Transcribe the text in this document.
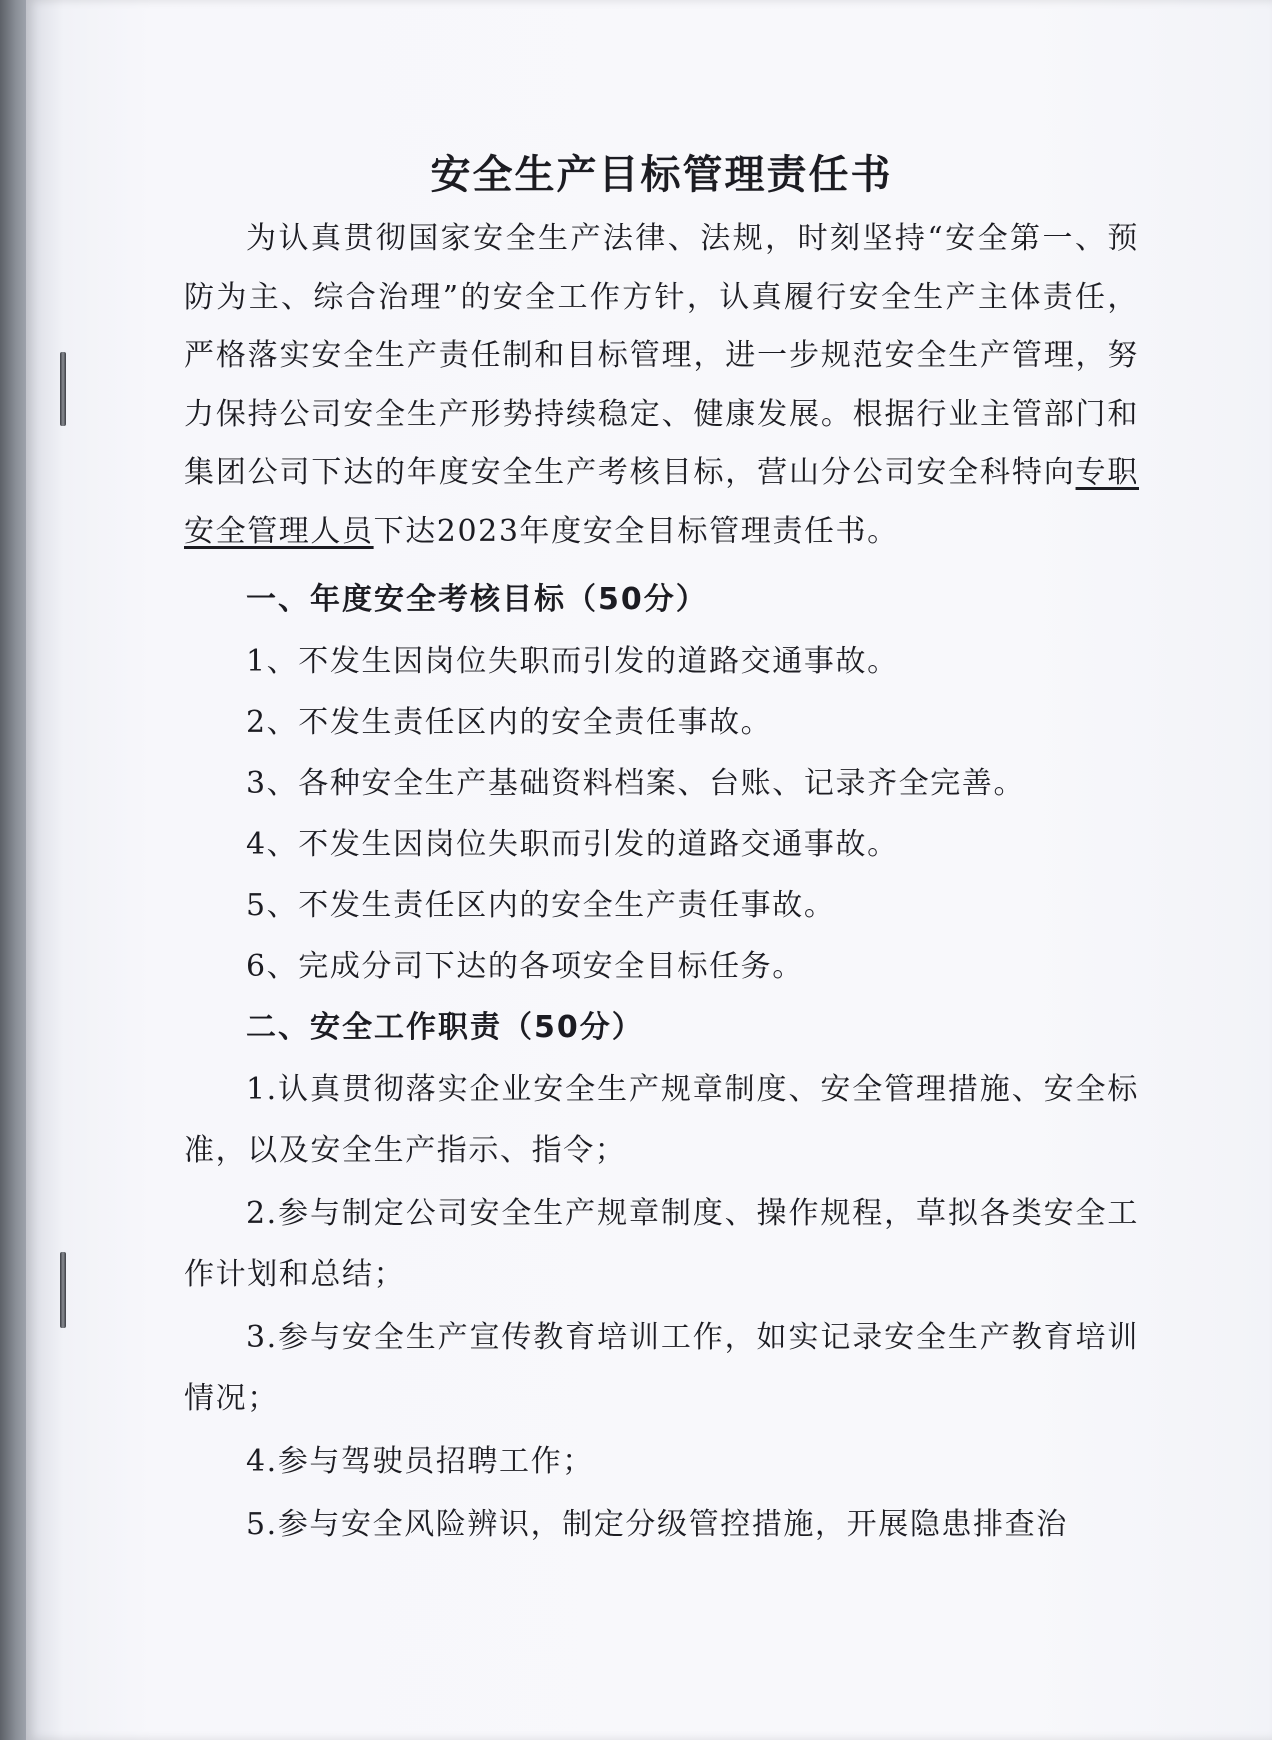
安全生产目标管理责任书

为认真贯彻国家安全生产法律、法规，时刻坚持“安全第一、预防为主、综合治理”的安全工作方针，认真履行安全生产主体责任，严格落实安全生产责任制和目标管理，进一步规范安全生产管理，努力保持公司安全生产形势持续稳定、健康发展。根据行业主管部门和集团公司下达的年度安全生产考核目标，营山分公司安全科特向专职安全管理人员下达2023年度安全目标管理责任书。

一、年度安全考核目标（50分）

1、不发生因岗位失职而引发的道路交通事故。

2、不发生责任区内的安全责任事故。

3、各种安全生产基础资料档案、台账、记录齐全完善。

4、不发生因岗位失职而引发的道路交通事故。

5、不发生责任区内的安全生产责任事故。

6、完成分司下达的各项安全目标任务。

二、安全工作职责（50分）

1.认真贯彻落实企业安全生产规章制度、安全管理措施、安全标准，以及安全生产指示、指令；

2.参与制定公司安全生产规章制度、操作规程，草拟各类安全工作计划和总结；

3.参与安全生产宣传教育培训工作，如实记录安全生产教育培训情况；

4.参与驾驶员招聘工作；

5.参与安全风险辨识，制定分级管控措施，开展隐患排查治
